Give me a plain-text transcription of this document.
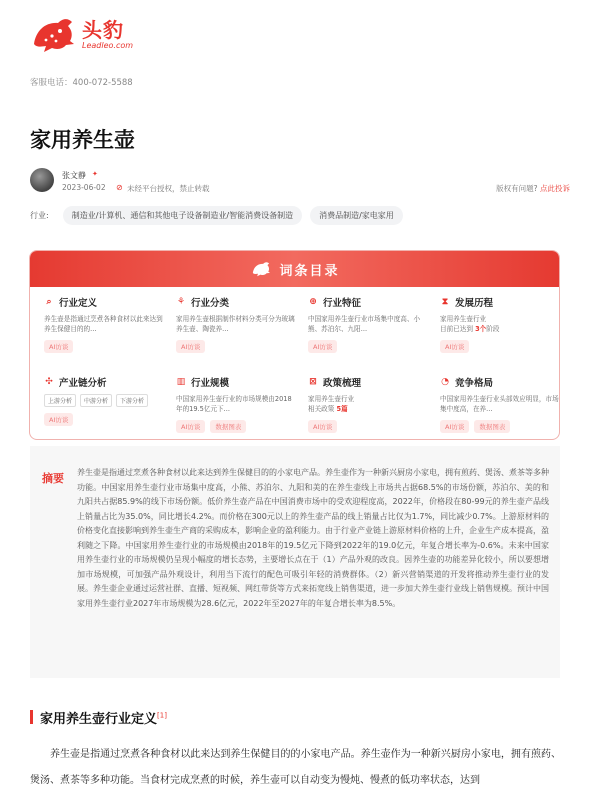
头豹
Leadleo.com
客服电话：400-072-5588
家用养生壶
张文静 ✦
2023-06-02 ⊘ 未经平台授权，禁止转载	版权有问题? 点此投诉
行业:	制造业/计算机、通信和其他电子设备制造业/智能消费设备制造	消费品制造/家电家用
词条目录
⌕ 行业定义
养生壶是指通过烹煮各种食材以此来达到养生保健目的的...
AI访谈
⚘ 行业分类
家用养生壶根据制作材料分类可分为玻璃养生壶、陶瓷养...
AI访谈
⊕ 行业特征
中国家用养生壶行业市场集中度高、小熊、苏泊尔、九阳...
AI访谈
⧗ 发展历程
家用养生壶行业
目前已达到 3个阶段
AI访谈
✣ 产业链分析
上游分析	中游分析	下游分析
AI访谈
▥ 行业规模
中国家用养生壶行业的市场规模由2018年的19.5亿元下...
AI访谈	数据图表
⊠ 政策梳理
家用养生壶行业
相关政策 5篇
AI访谈
◔ 竞争格局
中国家用养生壶行业头部效应明显，市场集中度高，在养...
AI访谈	数据图表
摘要 养生壶是指通过烹煮各种食材以此来达到养生保健目的的小家电产品。养生壶作为一种新兴厨房小家电，拥有煎药、煲汤、煮茶等多种功能。中国家用养生壶行业市场集中度高，小熊、苏泊尔、九阳和美的在养生壶线上市场共占据68.5%的市场份额，苏泊尔、美的和九阳共占据85.9%的线下市场份额。低价养生壶产品在中国消费市场中的受欢迎程度高，2022年，价格段在80-99元的养生壶产品线上销量占比为35.0%，同比增长4.2%。而价格在300元以上的养生壶产品的线上销量占比仅为1.7%，同比减少0.7%。上游原材料的价格变化直接影响到养生壶生产商的采购成本，影响企业的盈利能力。由于行业产业链上游原材料价格的上升，企业生产成本提高，盈利随之下降。中国家用养生壶行业的市场规模由2018年的19.5亿元下降到2022年的19.0亿元，年复合增长率为-0.6%。未来中国家用养生壶行业的市场规模仍呈现小幅度的增长态势，主要增长点在于（1）产品外观的改良。因养生壶的功能差异化较小，所以要想增加市场规模，可加强产品外观设计，利用当下流行的配色可吸引年轻的消费群体。（2）新兴营销渠道的开发将推动养生壶行业的发展。养生壶企业通过运营社群、直播、短视频、网红带货等方式来拓宽线上销售渠道，进一步加大养生壶行业线上销售规模。预计中国家用养生壶行业2027年市场规模为28.6亿元，2022年至2027年的年复合增长率为8.5%。

家用养生壶行业定义[1]

养生壶是指通过烹煮各种食材以此来达到养生保健目的的小家电产品。养生壶作为一种新兴厨房小家电，拥有煎药、煲汤、煮茶等多种功能。当食材完成烹煮的时候，养生壶可以自动变为慢炖、慢煮的低功率状态，达到
